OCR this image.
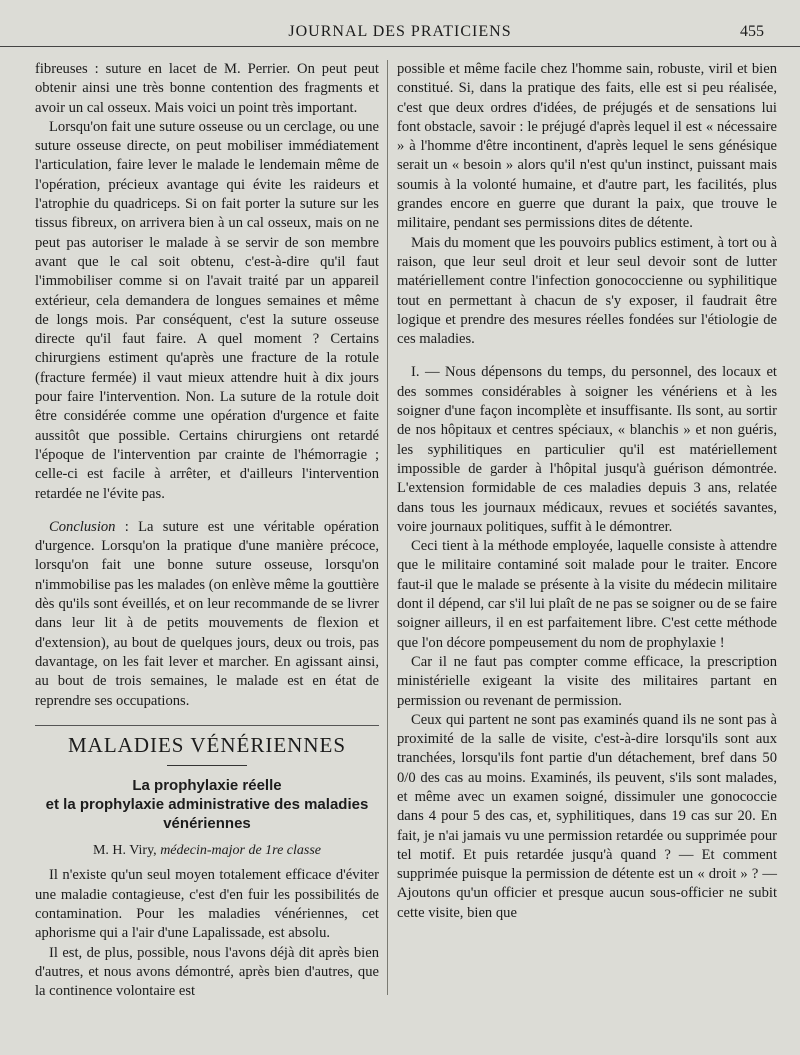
JOURNAL DES PRATICIENS	455

fibreuses : suture en lacet de M. Perrier. On peut peut obtenir ainsi une très bonne contention des fragments et avoir un cal osseux. Mais voici un point très important.

Lorsqu'on fait une suture osseuse ou un cerclage, ou une suture osseuse directe, on peut mobiliser immédiatement l'articulation, faire lever le malade le lendemain même de l'opération, précieux avantage qui évite les raideurs et l'atrophie du quadriceps. Si on fait porter la suture sur les tissus fibreux, on arrivera bien à un cal osseux, mais on ne peut pas autoriser le malade à se servir de son membre avant que le cal soit obtenu, c'est-à-dire qu'il faut l'immobiliser comme si on l'avait traité par un appareil extérieur, cela demandera de longues semaines et même de longs mois. Par conséquent, c'est la suture osseuse directe qu'il faut faire. A quel moment ? Certains chirurgiens estiment qu'après une fracture de la rotule (fracture fermée) il vaut mieux attendre huit à dix jours pour faire l'intervention. Non. La suture de la rotule doit être considérée comme une opération d'urgence et faite aussitôt que possible. Certains chirurgiens ont retardé l'époque de l'intervention par crainte de l'hémorragie ; celle-ci est facile à arrêter, et d'ailleurs l'intervention retardée ne l'évite pas.

Conclusion : La suture est une véritable opération d'urgence. Lorsqu'on la pratique d'une manière précoce, lorsqu'on fait une bonne suture osseuse, lorsqu'on n'immobilise pas les malades (on enlève même la gouttière dès qu'ils sont éveillés, et on leur recommande de se livrer dans leur lit à de petits mouvements de flexion et d'extension), au bout de quelques jours, deux ou trois, pas davantage, on les fait lever et marcher. En agissant ainsi, au bout de trois semaines, le malade est en état de reprendre ses occupations.

MALADIES VÉNÉRIENNES
La prophylaxie réelle
et la prophylaxie administrative des maladies
vénériennes
M. H. Viry, médecin-major de 1re classe

Il n'existe qu'un seul moyen totalement efficace d'éviter une maladie contagieuse, c'est d'en fuir les possibilités de contamination. Pour les maladies vénériennes, cet aphorisme qui a l'air d'une Lapalissade, est absolu.

Il est, de plus, possible, nous l'avons déjà dit après bien d'autres, et nous avons démontré, après bien d'autres, que la continence volontaire est

possible et même facile chez l'homme sain, robuste, viril et bien constitué. Si, dans la pratique des faits, elle est si peu réalisée, c'est que deux ordres d'idées, de préjugés et de sensations lui font obstacle, savoir : le préjugé d'après lequel il est « nécessaire » à l'homme d'être incontinent, d'après lequel le sens génésique serait un « besoin » alors qu'il n'est qu'un instinct, puissant mais soumis à la volonté humaine, et d'autre part, les facilités, plus grandes encore en guerre que durant la paix, que trouve le militaire, pendant ses permissions dites de détente.

Mais du moment que les pouvoirs publics estiment, à tort ou à raison, que leur seul droit et leur seul devoir sont de lutter matériellement contre l'infection gonococcienne ou syphilitique tout en permettant à chacun de s'y exposer, il faudrait être logique et prendre des mesures réelles fondées sur l'étiologie de ces maladies.

I. — Nous dépensons du temps, du personnel, des locaux et des sommes considérables à soigner les vénériens et à les soigner d'une façon incomplète et insuffisante. Ils sont, au sortir de nos hôpitaux et centres spéciaux, « blanchis » et non guéris, les syphilitiques en particulier qu'il est matériellement impossible de garder à l'hôpital jusqu'à guérison démontrée. L'extension formidable de ces maladies depuis 3 ans, relatée dans tous les journaux médicaux, revues et sociétés savantes, voire journaux politiques, suffit à le démontrer.

Ceci tient à la méthode employée, laquelle consiste à attendre que le militaire contaminé soit malade pour le traiter. Encore faut-il que le malade se présente à la visite du médecin militaire dont il dépend, car s'il lui plaît de ne pas se soigner ou de se faire soigner ailleurs, il en est parfaitement libre. C'est cette méthode que l'on décore pompeusement du nom de prophylaxie !

Car il ne faut pas compter comme efficace, la prescription ministérielle exigeant la visite des militaires partant en permission ou revenant de permission.

Ceux qui partent ne sont pas examinés quand ils ne sont pas à proximité de la salle de visite, c'est-à-dire lorsqu'ils sont aux tranchées, lorsqu'ils font partie d'un détachement, bref dans 50 0/0 des cas au moins. Examinés, ils peuvent, s'ils sont malades, et même avec un examen soigné, dissimuler une gonococcie dans 4 pour 5 des cas, et, syphilitiques, dans 19 cas sur 20. En fait, je n'ai jamais vu une permission retardée ou supprimée pour tel motif. Et puis retardée jusqu'à quand ? — Et comment supprimée puisque la permission de détente est un « droit » ? — Ajoutons qu'un officier et presque aucun sous-officier ne subit cette visite, bien que
